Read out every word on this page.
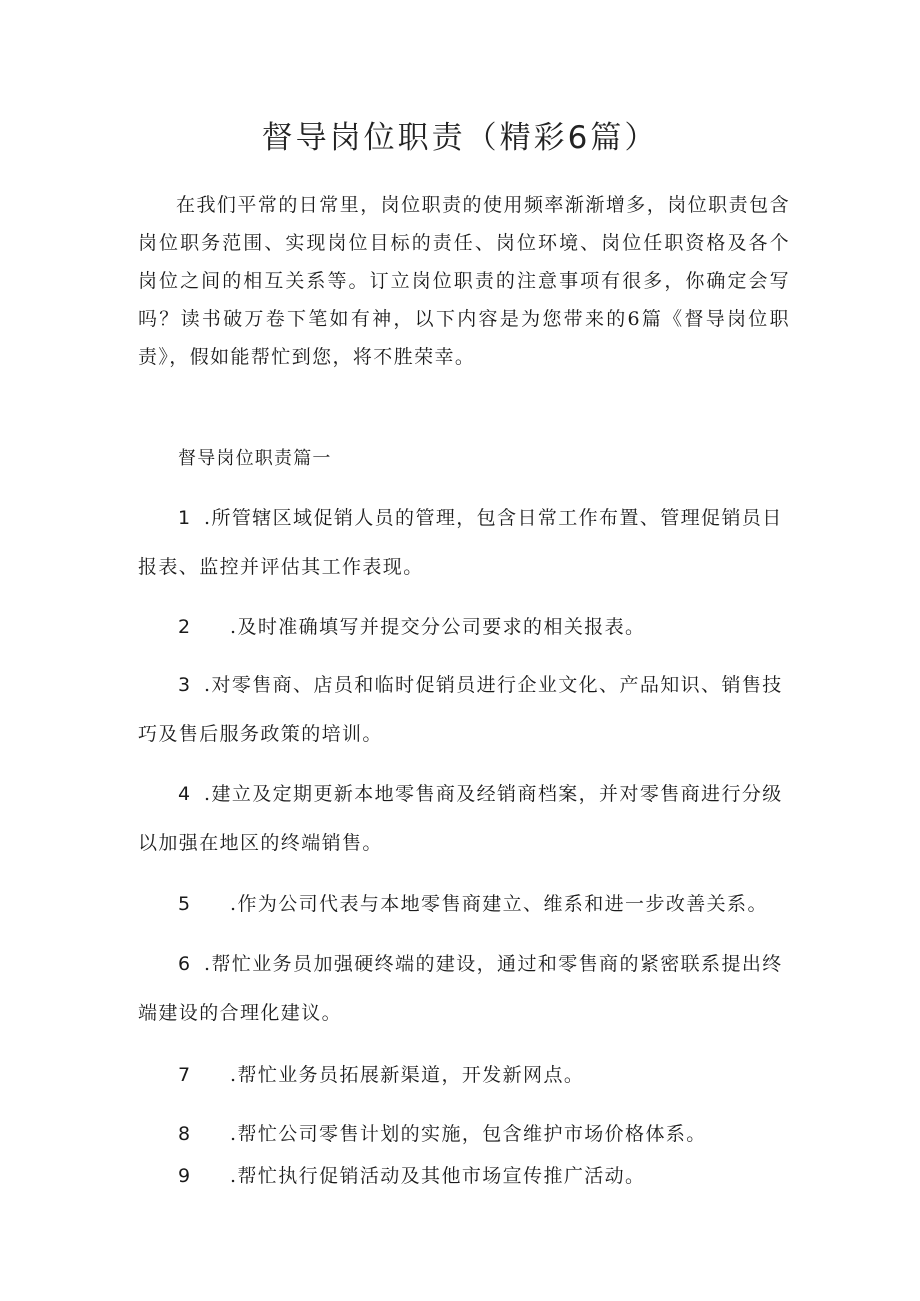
督导岗位职责（精彩6篇）

在我们平常的日常里，岗位职责的使用频率渐渐增多，岗位职责包含岗位职务范围、实现岗位目标的责任、岗位环境、岗位任职资格及各个岗位之间的相互关系等。订立岗位职责的注意事项有很多，你确定会写吗？读书破万卷下笔如有神，以下内容是为您带来的6篇《督导岗位职责》，假如能帮忙到您，将不胜荣幸。

督导岗位职责篇一

1 .所管辖区域促销人员的管理，包含日常工作布置、管理促销员日报表、监控并评估其工作表现。

2 .及时准确填写并提交分公司要求的相关报表。

3 .对零售商、店员和临时促销员进行企业文化、产品知识、销售技巧及售后服务政策的培训。

4 .建立及定期更新本地零售商及经销商档案，并对零售商进行分级以加强在地区的终端销售。

5 .作为公司代表与本地零售商建立、维系和进一步改善关系。

6 .帮忙业务员加强硬终端的建设，通过和零售商的紧密联系提出终端建设的合理化建议。

7 .帮忙业务员拓展新渠道，开发新网点。

8 .帮忙公司零售计划的实施，包含维护市场价格体系。

9 .帮忙执行促销活动及其他市场宣传推广活动。
